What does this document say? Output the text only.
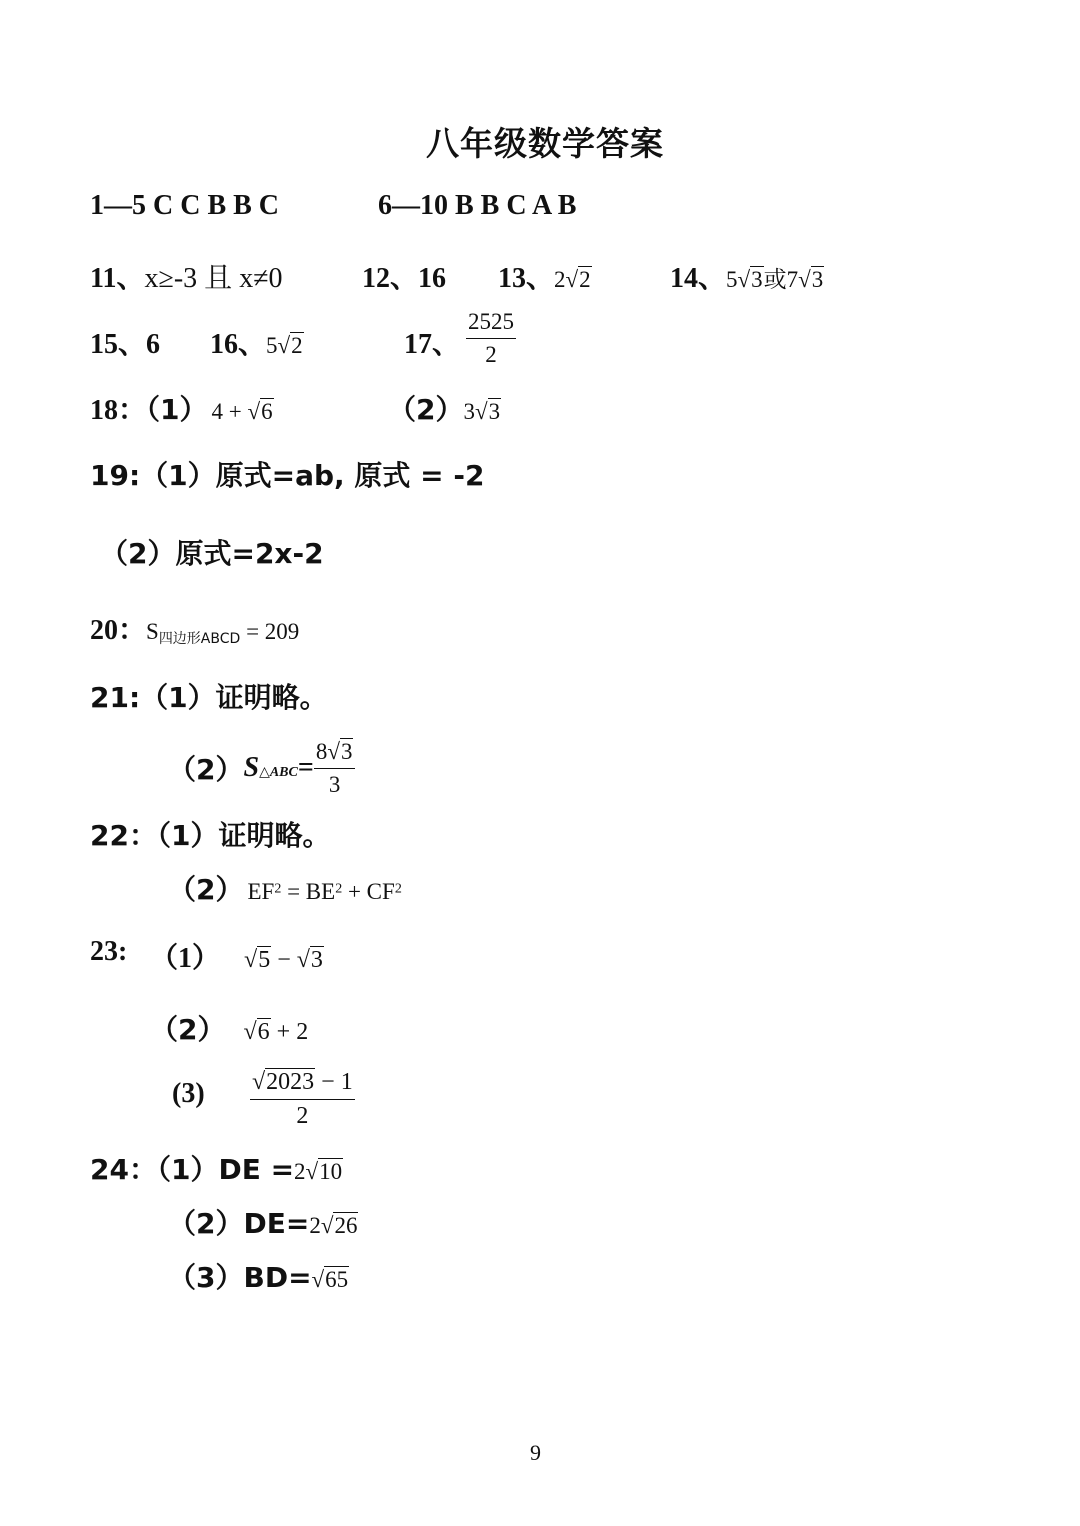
八年级数学答案
1—5 C C B B C	6—10 B B C A B
11、x≥-3 且 x≠0	12、16 13、2√2	14、5√3或7√3
15、6 16、5√2	17、 $\frac{2525}{2}$
18：（1） 4 + √6	（2）3√3
19:（1）原式=ab, 原式 = -2
（2）原式=2x-2
20：$S_{四边形ABCD} = 209$
21:（1）证明略。
$(2)S_{\triangle ABC}= \frac{8√3}{3}$
22：（1）证明略。
（2） $EF^2 = BE^2 + CF^2$
23: （1） √5 − √3
（2） √6 + 2
$(3) \frac{√2023 - 1}{2}$
24：（1）DE =2√10
（2）DE=2√26
（3）BD=√65
9
